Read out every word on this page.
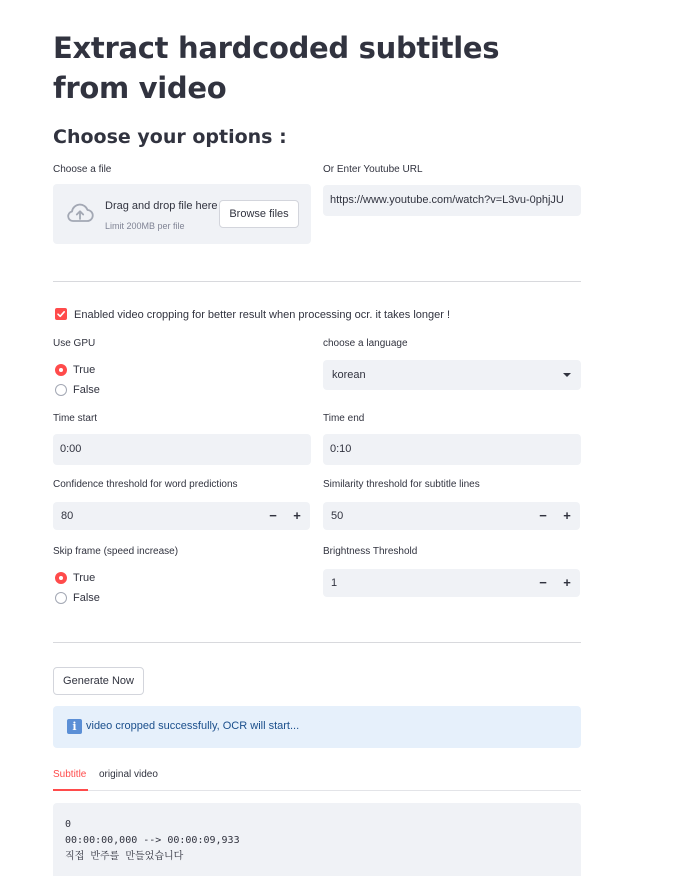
Extract hardcoded subtitles from video
Choose your options :
Choose a file
Drag and drop file here
Limit 200MB per file
Browse files
Or Enter Youtube URL
https://www.youtube.com/watch?v=L3vu-0phjJU
Enabled video cropping for better result when processing ocr. it takes longer !
Use GPU
True
False
choose a language
korean
Time start
0:00
Time end
0:10
Confidence threshold for word predictions
80	−	+
Similarity threshold for subtitle lines
50	−	+
Skip frame (speed increase)
True
False
Brightness Threshold
1	−	+
Generate Now
i video cropped successfully, OCR will start...
Subtitle original video
0
00:00:00,000 --> 00:00:09,933
직접 반주를 만들었습니다
